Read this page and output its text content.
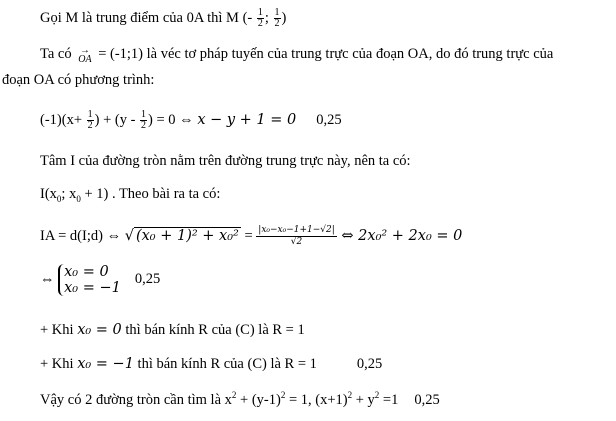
Gọi M là trung điểm của 0A thì M (- $\frac{1}{2}$ ; $\frac{1}{2}$ )
Ta có →
OA = (-1;1) là véc tơ pháp tuyến của trung trực của đoạn OA, do đó trung trực của
đoạn OA có phương trình:
$(-1)(x+ \frac{1}{2}$ ) + ($y - \frac{1}{2}$ ) = 0 ⇔ x − y + 1 = 0 0,25
Tâm I của đường tròn nằm trên đường trung trực này, nên ta có:
$I(x_0$; $x_0 + 1$) . Theo bài ra ta có:
IA = d(I;d) ⇔ √ $(x_0 + 1)^2 + x_0^2 = \frac{\text{|x₀−x₀−1+1−√2|}}{√2}$ ⇔ 2x₀² + 2x₀ = 0
⇔ x₀ = 0
x₀ = −1
0,25
+ Khi x₀ = 0 thì bán kính R của (C) là R = 1
+ Khi x₀ = −1 thì bán kính R của (C) là R = 1	0,25
Vậy có 2 đường tròn cần tìm là $x^2 + (y-1)^2 = 1$, $(x+1)^2 + y^2 =1$ 0,25
